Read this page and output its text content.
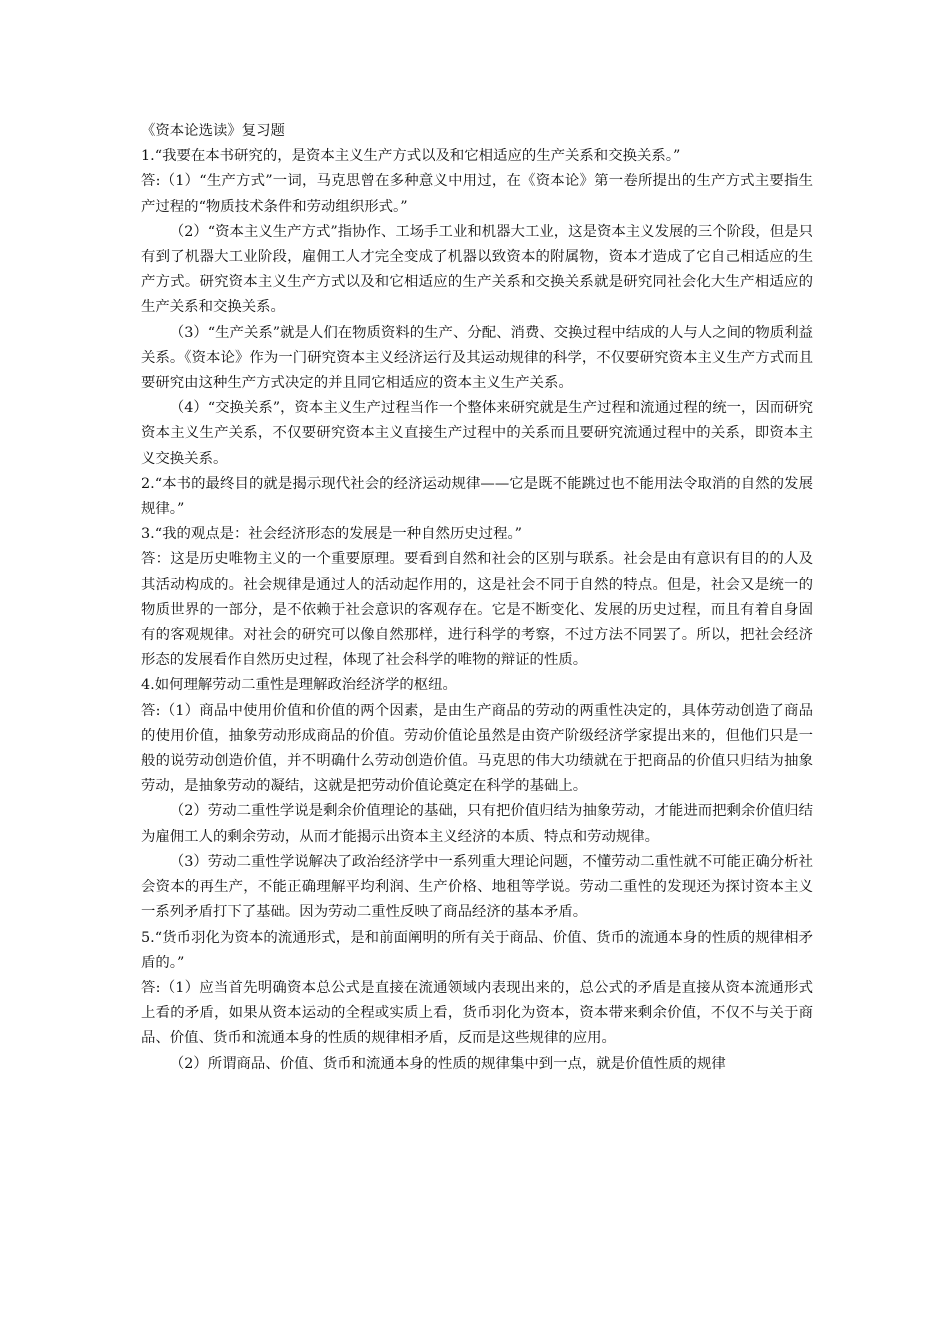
《资本论选读》复习题

1.“我要在本书研究的，是资本主义生产方式以及和它相适应的生产关系和交换关系。”

答:（1）“生产方式”一词，马克思曾在多种意义中用过，在《资本论》第一卷所提出的生产方式主要指生产过程的“物质技术条件和劳动组织形式。”

（2）“资本主义生产方式”指协作、工场手工业和机器大工业，这是资本主义发展的三个阶段，但是只有到了机器大工业阶段，雇佣工人才完全变成了机器以致资本的附属物，资本才造成了它自己相适应的生产方式。研究资本主义生产方式以及和它相适应的生产关系和交换关系就是研究同社会化大生产相适应的生产关系和交换关系。

（3）“生产关系”就是人们在物质资料的生产、分配、消费、交换过程中结成的人与人之间的物质利益关系。《资本论》作为一门研究资本主义经济运行及其运动规律的科学，不仅要研究资本主义生产方式而且要研究由这种生产方式决定的并且同它相适应的资本主义生产关系。

（4）“交换关系”，资本主义生产过程当作一个整体来研究就是生产过程和流通过程的统一，因而研究资本主义生产关系，不仅要研究资本主义直接生产过程中的关系而且要研究流通过程中的关系，即资本主义交换关系。

2.“本书的最终目的就是揭示现代社会的经济运动规律——它是既不能跳过也不能用法令取消的自然的发展规律。”

3.“我的观点是：社会经济形态的发展是一种自然历史过程。”

答：这是历史唯物主义的一个重要原理。要看到自然和社会的区别与联系。社会是由有意识有目的的人及其活动构成的。社会规律是通过人的活动起作用的，这是社会不同于自然的特点。但是，社会又是统一的物质世界的一部分，是不依赖于社会意识的客观存在。它是不断变化、发展的历史过程，而且有着自身固有的客观规律。对社会的研究可以像自然那样，进行科学的考察，不过方法不同罢了。所以，把社会经济形态的发展看作自然历史过程，体现了社会科学的唯物的辩证的性质。

4.如何理解劳动二重性是理解政治经济学的枢纽。

答:（1）商品中使用价值和价值的两个因素，是由生产商品的劳动的两重性决定的，具体劳动创造了商品的使用价值，抽象劳动形成商品的价值。劳动价值论虽然是由资产阶级经济学家提出来的，但他们只是一般的说劳动创造价值，并不明确什么劳动创造价值。马克思的伟大功绩就在于把商品的价值只归结为抽象劳动，是抽象劳动的凝结，这就是把劳动价值论奠定在科学的基础上。

（2）劳动二重性学说是剩余价值理论的基础，只有把价值归结为抽象劳动，才能进而把剩余价值归结为雇佣工人的剩余劳动，从而才能揭示出资本主义经济的本质、特点和劳动规律。

（3）劳动二重性学说解决了政治经济学中一系列重大理论问题，不懂劳动二重性就不可能正确分析社会资本的再生产，不能正确理解平均利润、生产价格、地租等学说。劳动二重性的发现还为探讨资本主义一系列矛盾打下了基础。因为劳动二重性反映了商品经济的基本矛盾。

5.“货币羽化为资本的流通形式，是和前面阐明的所有关于商品、价值、货币的流通本身的性质的规律相矛盾的。”

答:（1）应当首先明确资本总公式是直接在流通领域内表现出来的，总公式的矛盾是直接从资本流通形式上看的矛盾，如果从资本运动的全程或实质上看，货币羽化为资本，资本带来剩余价值，不仅不与关于商品、价值、货币和流通本身的性质的规律相矛盾，反而是这些规律的应用。

（2）所谓商品、价值、货币和流通本身的性质的规律集中到一点，就是价值性质的规律
